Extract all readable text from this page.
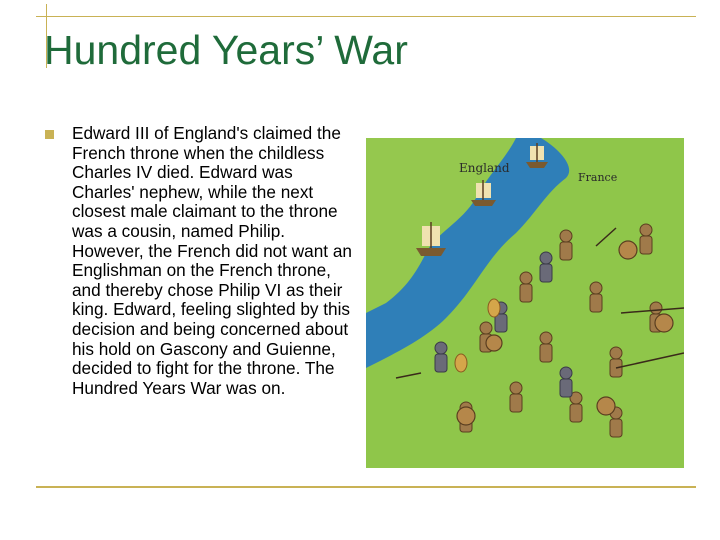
Hundred Years’ War
Edward III of England's claimed the French throne when the childless Charles IV died. Edward was Charles' nephew, while the next closest male claimant to the throne was a cousin, named Philip. However, the French did not want an Englishman on the French throne, and thereby chose Philip VI as their king. Edward, feeling slighted by this decision and being concerned about his hold on Gascony and Guienne, decided to fight for the throne. The Hundred Years War was on.
England
France
